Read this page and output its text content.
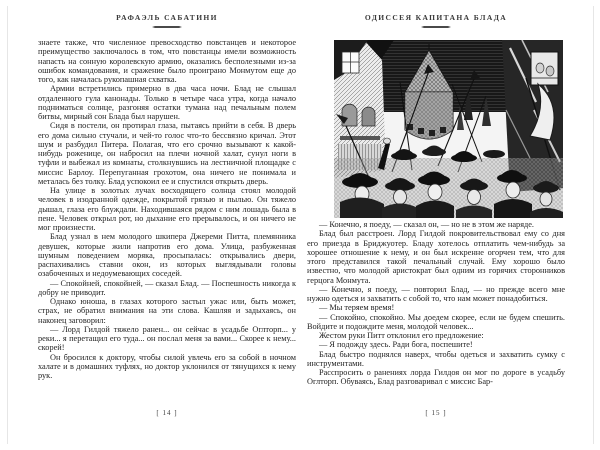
РАФАЭЛЬ САБАТИНИ

знаете также, что численное превосходство повстанцев и некоторое преимущество заключалось в том, что повстанцы имели возможность напасть на сонную королевскую армию, оказались бесполезными из-за ошибок командования, и сражение было проиграно Монмутом еще до того, как началась рукопашная схватка.

Армии встретились примерно в два часа ночи. Блад не слышал отдаленного гула канонады. Только в четыре часа утра, когда начало подниматься солнце, разгоняя остатки тумана над печальным полем битвы, мирный сон Блада был нарушен.

Сидя в постели, он протирал глаза, пытаясь прийти в себя. В дверь его дома сильно стучали, и чей-то голос что-то бессвязно кричал. Этот шум и разбудил Питера. Полагая, что его срочно вызывают к какой-нибудь роженице, он набросил на плечи ночной халат, сунул ноги в туфли и выбежал из комнаты, столкнувшись на лестничной площадке с миссис Барлоу. Перепуганная грохотом, она ничего не понимала и металась без толку. Блад успокоил ее и спустился открыть дверь.

На улице в золотых лучах восходящего солнца стоял молодой человек в изодранной одежде, покрытой грязью и пылью. Он тяжело дышал, глаза его блуждали. Находившаяся рядом с ним лошадь была в пене. Человек открыл рот, но дыхание его прерывалось, и он ничего не мог произнести.

Блад узнал в нем молодого шкипера Джереми Питта, племянника девушек, которые жили напротив его дома. Улица, разбуженная шумным поведением моряка, просыпалась: открывались двери, распахивались ставни окон, из которых выглядывали головы озабоченных и недоумевающих соседей.

— Спокойней, спокойней, — сказал Блад. — Поспешность никогда к добру не приводит.

Однако юноша, в глазах которого застыл ужас или, быть может, страх, не обратил внимания на эти слова. Кашляя и задыхаясь, он наконец заговорил:

— Лорд Гилдой тяжело ранен... он сейчас в усадьбе Оглторп... у реки... я перетащил его туда... он послал меня за вами... Скорее к нему... скорей!

Он бросился к доктору, чтобы силой увлечь его за собой в ночном халате и в домашних туфлях, но доктор уклонился от тянущихся к нему рук.

[ 14 ]
ОДИССЕЯ КАПИТАНА БЛАДА

— Конечно, я поеду, — сказал он, — но не в этом же наряде.

Блад был расстроен. Лорд Гилдой покровительствовал ему со дня его приезда в Бриджуотер. Бладу хотелось отплатить чем-нибудь за хорошее отношение к нему, и он был искренне огорчен тем, что для этого представился такой печальный случай. Ему хорошо было известно, что молодой аристократ был одним из горячих сторонников герцога Монмута.

— Конечно, я поеду, — повторил Блад, — но прежде всего мне нужно одеться и захватить с собой то, что нам может понадобиться.

— Мы теряем время!

— Спокойно, спокойно. Мы доедем скорее, если не будем спешить. Войдите и подождите меня, молодой человек...

Жестом руки Питт отклонил его предложение:

— Я подожду здесь. Ради бога, поспешите!

Блад быстро поднялся наверх, чтобы одеться и захватить сумку с инструментами.

Расспросить о ранениях лорда Гилдоя он мог по дороге в усадьбу Оглторп. Обуваясь, Блад разговаривал с миссис Бар-

[ 15 ]
